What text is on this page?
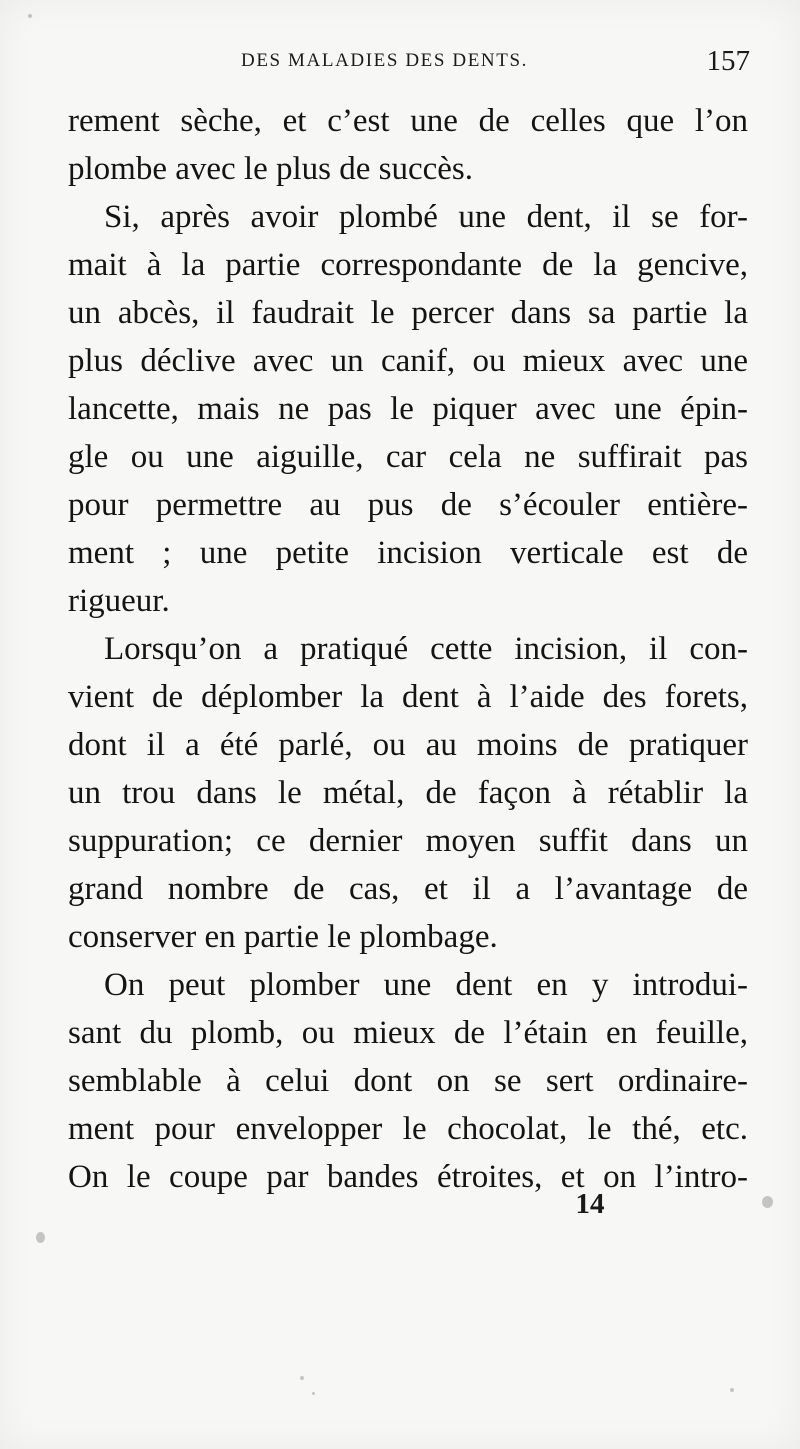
DES MALADIES DES DENTS.	157
rement sèche, et c’est une de celles que l’on
plombe avec le plus de succès.
Si, après avoir plombé une dent, il se for-
mait à la partie correspondante de la gencive,
un abcès, il faudrait le percer dans sa partie la
plus déclive avec un canif, ou mieux avec une
lancette, mais ne pas le piquer avec une épin-
gle ou une aiguille, car cela ne suffirait pas
pour permettre au pus de s’écouler entière-
ment ; une petite incision verticale est de
rigueur.
Lorsqu’on a pratiqué cette incision, il con-
vient de déplomber la dent à l’aide des forets,
dont il a été parlé, ou au moins de pratiquer
un trou dans le métal, de façon à rétablir la
suppuration; ce dernier moyen suffit dans un
grand nombre de cas, et il a l’avantage de
conserver en partie le plombage.
On peut plomber une dent en y introdui-
sant du plomb, ou mieux de l’étain en feuille,
semblable à celui dont on se sert ordinaire-
ment pour envelopper le chocolat, le thé, etc.
On le coupe par bandes étroites, et on l’intro-
14
